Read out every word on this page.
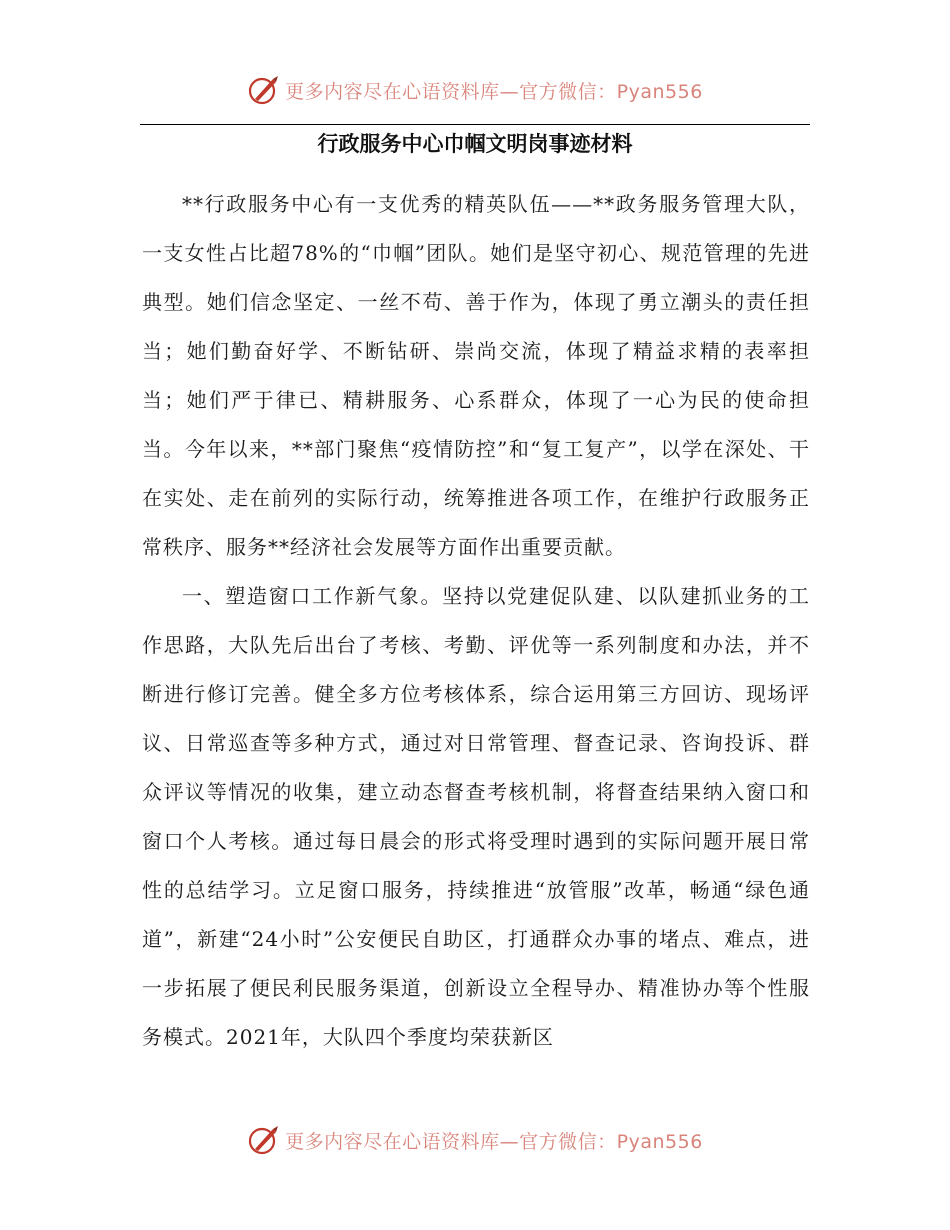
更多内容尽在心语资料库—官方微信：Pyan556
行政服务中心巾帼文明岗事迹材料

**行政服务中心有一支优秀的精英队伍——**政务服务管理大队，一支女性占比超78%的“巾帼”团队。她们是坚守初心、规范管理的先进典型。她们信念坚定、一丝不苟、善于作为，体现了勇立潮头的责任担当；她们勤奋好学、不断钻研、崇尚交流，体现了精益求精的表率担当；她们严于律已、精耕服务、心系群众，体现了一心为民的使命担当。今年以来，**部门聚焦“疫情防控”和“复工复产”，以学在深处、干在实处、走在前列的实际行动，统筹推进各项工作，在维护行政服务正常秩序、服务**经济社会发展等方面作出重要贡献。

一、塑造窗口工作新气象。坚持以党建促队建、以队建抓业务的工作思路，大队先后出台了考核、考勤、评优等一系列制度和办法，并不断进行修订完善。健全多方位考核体系，综合运用第三方回访、现场评议、日常巡查等多种方式，通过对日常管理、督查记录、咨询投诉、群众评议等情况的收集，建立动态督查考核机制，将督查结果纳入窗口和窗口个人考核。通过每日晨会的形式将受理时遇到的实际问题开展日常性的总结学习。立足窗口服务，持续推进“放管服”改革，畅通“绿色通道”，新建“24小时”公安便民自助区，打通群众办事的堵点、难点，进一步拓展了便民利民服务渠道，创新设立全程导办、精准协办等个性服务模式。2021年，大队四个季度均荣获新区

更多内容尽在心语资料库—官方微信：Pyan556
